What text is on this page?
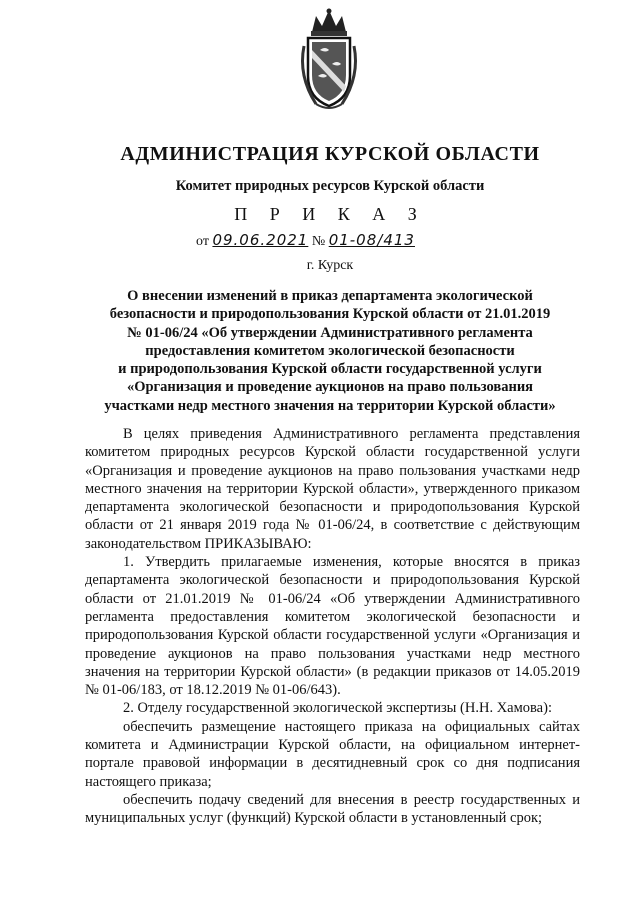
АДМИНИСТРАЦИЯ КУРСКОЙ ОБЛАСТИ
Комитет природных ресурсов Курской области
П Р И К А З
от 09.06.2021 № 01-08/413
г. Курск
О внесении изменений в приказ департамента экологической
безопасности и природопользования Курской области от 21.01.2019
№ 01-06/24 «Об утверждении Административного регламента
предоставления комитетом экологической безопасности
и природопользования Курской области государственной услуги
«Организация и проведение аукционов на право пользования
участками недр местного значения на территории Курской области»

В целях приведения Административного регламента представления комитетом природных ресурсов Курской области государственной услуги «Организация и проведение аукционов на право пользования участками недр местного значения на территории Курской области», утвержденного приказом департамента экологической безопасности и природопользования Курской области от 21 января 2019 года № 01-06/24, в соответствие с действующим законодательством ПРИКАЗЫВАЮ:

1. Утвердить прилагаемые изменения, которые вносятся в приказ департамента экологической безопасности и природопользования Курской области от 21.01.2019 № 01-06/24 «Об утверждении Административного регламента предоставления комитетом экологической безопасности и природопользования Курской области государственной услуги «Организация и проведение аукционов на право пользования участками недр местного значения на территории Курской области» (в редакции приказов от 14.05.2019 № 01-06/183, от 18.12.2019 № 01-06/643).

2. Отделу государственной экологической экспертизы (Н.Н. Хамова):

обеспечить размещение настоящего приказа на официальных сайтах комитета и Администрации Курской области, на официальном интернет-портале правовой информации в десятидневный срок со дня подписания настоящего приказа;

обеспечить подачу сведений для внесения в реестр государственных и муниципальных услуг (функций) Курской области в установленный срок;
